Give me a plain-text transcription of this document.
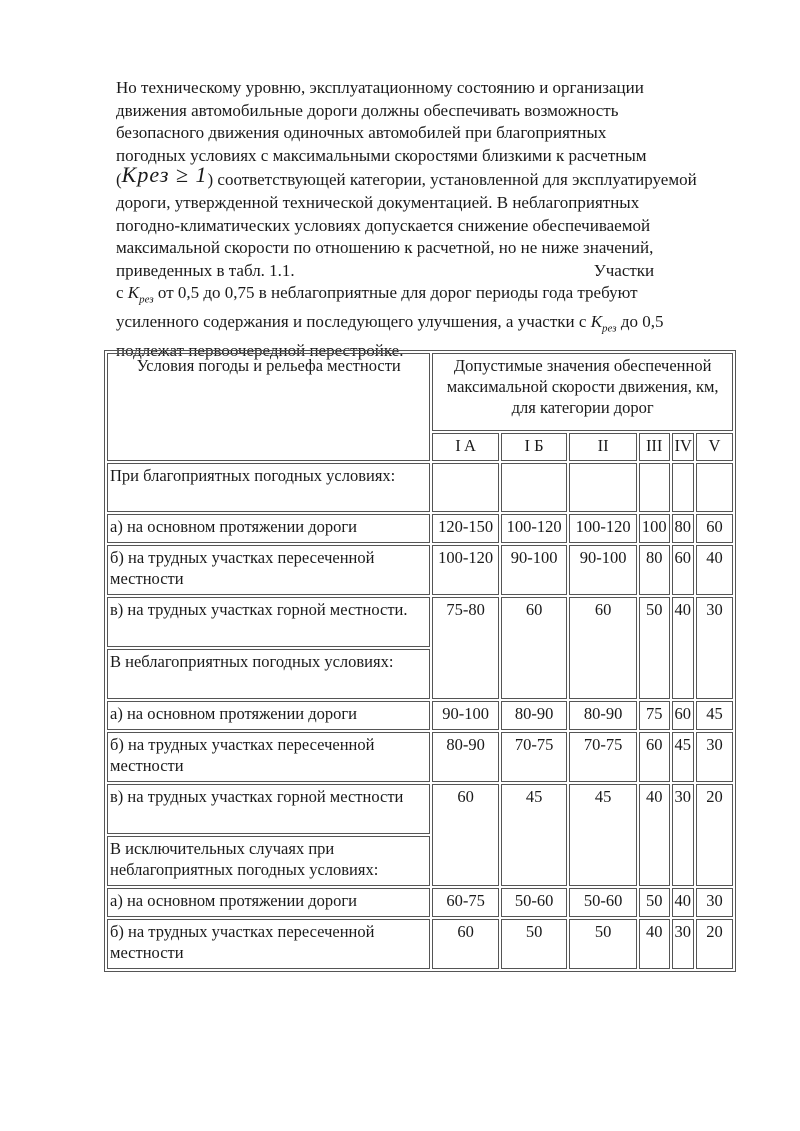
Но техническому уровню, эксплуатационному состоянию и организации
движения автомобильные дороги должны обеспечивать возможность
безопасного движения одиночных автомобилей при благоприятных
погодных условиях с максимальными скоростями близкими к расчетным
(Kрез ≥ 1) соответствующей категории, установленной для эксплуатируемой
дороги, утвержденной технической документацией. В неблагоприятных
погодно-климатических условиях допускается снижение обеспечиваемой
максимальной скорости по отношению к расчетной, но не ниже значений,
приведенных в табл. 1.1.	Участки
с $K_{рез}$ от 0,5 до 0,75 в неблагоприятные для дорог периоды года требуют
усиленного содержания и последующего улучшения, а участки с $K_{рез}$ до 0,5
подлежат первоочередной перестройке.
Условия погоды и рельефа местности	Допустимые значения обеспеченной максимальной скорости движения, км, для категории дорог					
	I A	I Б	II	III	IV	V
При благоприятных погодных условиях:						
а) на основном протяжении дороги	120-150	100-120	100-120	100	80	60
б) на трудных участках пересеченной местности	100-120	90-100	90-100	80	60	40
в) на трудных участках горной местности.	75-80	60	60	50	40	30
В неблагоприятных погодных условиях:						
а) на основном протяжении дороги	90-100	80-90	80-90	75	60	45
б) на трудных участках пересеченной местности	80-90	70-75	70-75	60	45	30
в) на трудных участках горной местности	60	45	45	40	30	20
В исключительных случаях при неблагоприятных погодных условиях:						
а) на основном протяжении дороги	60-75	50-60	50-60	50	40	30
б) на трудных участках пересеченной местности	60	50	50	40	30	20
